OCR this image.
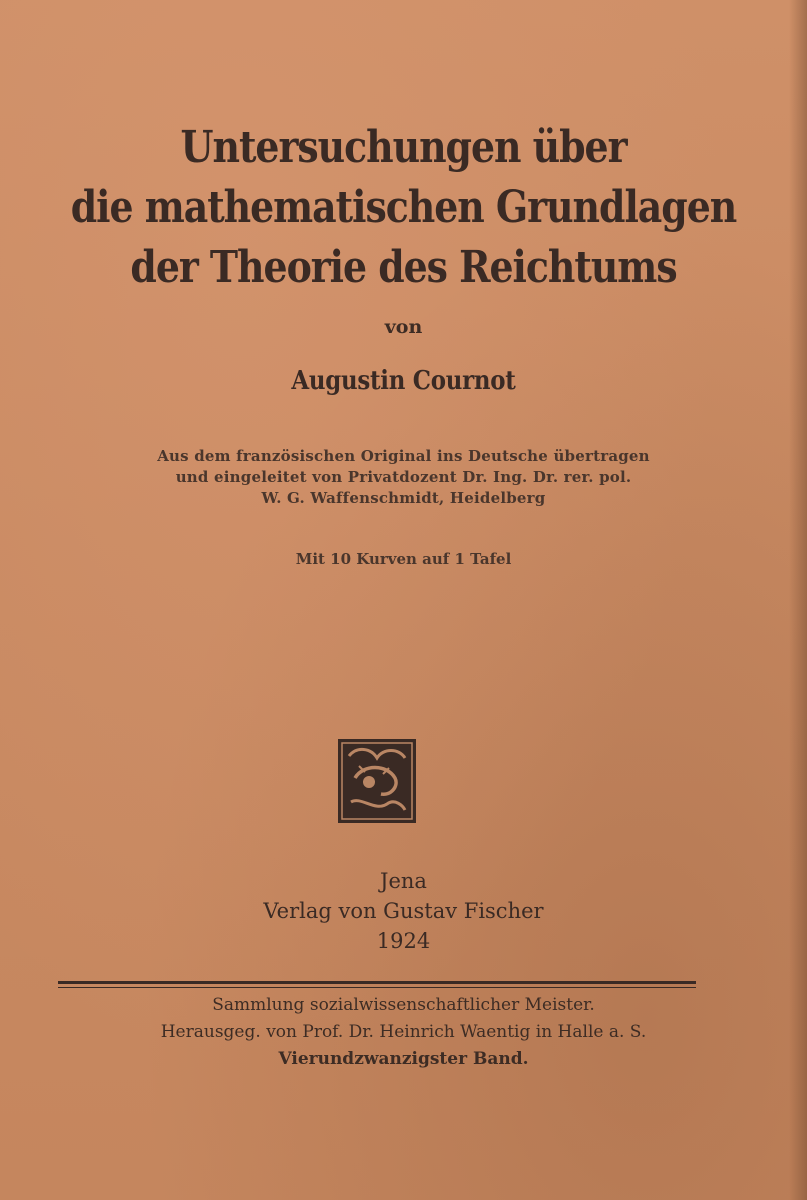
Untersuchungen über
die mathematischen Grundlagen
der Theorie des Reichtums
von
Augustin Cournot
Aus dem französischen Original ins Deutsche übertragen
und eingeleitet von Privatdozent Dr. Ing. Dr. rer. pol.
W. G. Waffenschmidt, Heidelberg
Mit 10 Kurven auf 1 Tafel
Jena
Verlag von Gustav Fischer
1924
Sammlung sozialwissenschaftlicher Meister.
Herausgeg. von Prof. Dr. Heinrich Waentig in Halle a. S.
Vierundzwanzigster Band.
